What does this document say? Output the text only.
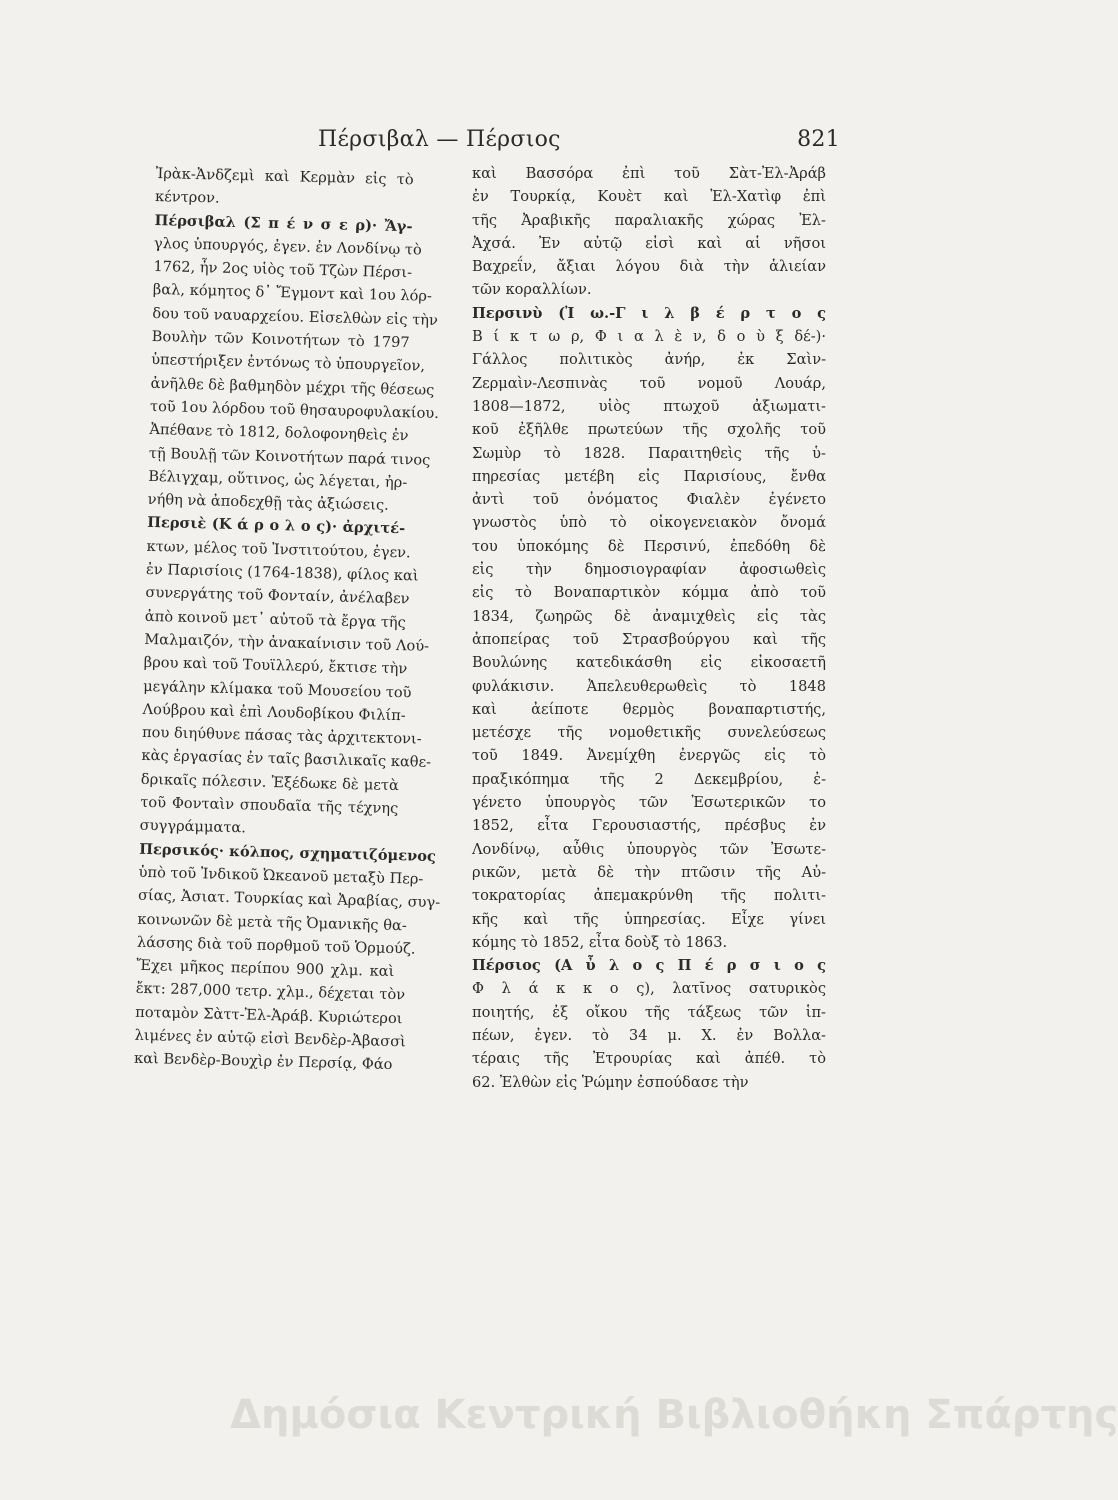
Πέρσιβαλ — Πέρσιος	821
Ἰρὰκ-Ἀνδζεμὶ καὶ Κερμὰν εἰς τὸ
κέντρον.
Πέρσιβαλ (Σ π έ ν σ ε ρ)· Ἄγ-
γλος ὑπουργός, ἐγεν. ἐν Λονδίνῳ τὸ
1762, ἦν 2ος υἱὸς τοῦ Τζὼν Πέρσι-
βαλ, κόμητος δ᾽ Ἔγμοντ καὶ 1ου λόρ-
δου τοῦ ναυαρχείου. Εἰσελθὼν εἰς τὴν
Βουλὴν τῶν Κοινοτήτων τὸ 1797
ὑπεστήριξεν ἐντόνως τὸ ὑπουργεῖον,
ἀνῆλθε δὲ βαθμηδὸν μέχρι τῆς θέσεως
τοῦ 1ου λόρδου τοῦ θησαυροφυλακίου.
Ἀπέθανε τὸ 1812, δολοφονηθεὶς ἐν
τῇ Βουλῇ τῶν Κοινοτήτων παρά τινος
Βέλιγχαμ, οὕτινος, ὡς λέγεται, ἠρ-
νήθη νὰ ἀποδεχθῇ τὰς ἀξιώσεις.
Περσιὲ (Κ ά ρ ο λ ο ς)· ἀρχιτέ-
κτων, μέλος τοῦ Ἰνστιτούτου, ἐγεν.
ἐν Παρισίοις (1764-1838), φίλος καὶ
συνεργάτης τοῦ Φονταίν, ἀνέλαβεν
ἀπὸ κοινοῦ μετ᾽ αὐτοῦ τὰ ἔργα τῆς
Μαλμαιζόν, τὴν ἀνακαίνισιν τοῦ Λού-
βρου καὶ τοῦ Τουϊλλερύ, ἔκτισε τὴν
μεγάλην κλίμακα τοῦ Μουσείου τοῦ
Λούβρου καὶ ἐπὶ Λουδοβίκου Φιλίπ-
που διηύθυνε πάσας τὰς ἀρχιτεκτονι-
κὰς ἐργασίας ἐν ταῖς βασιλικαῖς καθε-
δρικαῖς πόλεσιν. Ἐξέδωκε δὲ μετὰ
τοῦ Φονταὶν σπουδαῖα τῆς τέχνης
συγγράμματα.
Περσικός· κόλπος, σχηματιζόμενος
ὑπὸ τοῦ Ἰνδικοῦ Ὠκεανοῦ μεταξὺ Περ-
σίας, Ἀσιατ. Τουρκίας καὶ Ἀραβίας, συγ-
κοινωνῶν δὲ μετὰ τῆς Ὀμανικῆς θα-
λάσσης διὰ τοῦ πορθμοῦ τοῦ Ὁρμούζ.
Ἔχει μῆκος περίπου 900 χλμ. καὶ
ἔκτ: 287,000 τετρ. χλμ., δέχεται τὸν
ποταμὸν Σὰττ-Ἐλ-Ἀράβ. Κυριώτεροι
λιμένες ἐν αὐτῷ εἰσὶ Βενδὲρ-Ἀβασσὶ
καὶ Βενδὲρ-Βουχὶρ ἐν Περσίᾳ, Φάο
καὶ Βασσόρα ἐπὶ τοῦ Σὰτ-Ἐλ-Ἀράβ
ἐν Τουρκίᾳ, Κουὲτ καὶ Ἐλ-Χατὶφ ἐπὶ
τῆς Ἀραβικῆς παραλιακῆς χώρας Ἐλ-
Ἀχσά. Ἐν αὐτῷ εἰσὶ καὶ αἱ νῆσοι
Βαχρεΐν, ἄξιαι λόγου διὰ τὴν ἁλιείαν
τῶν κοραλλίων.
Περσινὺ (Ἰ ω.-Γ ι λ β έ ρ τ ο ς
Β ί κ τ ω ρ, Φ ι α λ ὲ ν, δ ο ὺ ξ δέ-)·
Γάλλος πολιτικὸς ἀνήρ, ἐκ Σαὶν-
Ζερμαὶν-Λεσπινὰς τοῦ νομοῦ Λουάρ,
1808—1872, υἱὸς πτωχοῦ ἀξιωματι-
κοῦ ἐξῆλθε πρωτεύων τῆς σχολῆς τοῦ
Σωμὺρ τὸ 1828. Παραιτηθεὶς τῆς ὑ-
πηρεσίας μετέβη εἰς Παρισίους, ἔνθα
ἀντὶ τοῦ ὀνόματος Φιαλὲν ἐγένετο
γνωστὸς ὑπὸ τὸ οἰκογενειακὸν ὄνομά
του ὑποκόμης δὲ Περσινύ, ἐπεδόθη δὲ
εἰς τὴν δημοσιογραφίαν ἀφοσιωθεὶς
εἰς τὸ Βοναπαρτικὸν κόμμα ἀπὸ τοῦ
1834, ζωηρῶς δὲ ἀναμιχθεὶς εἰς τὰς
ἀποπείρας τοῦ Στρασβούργου καὶ τῆς
Βουλώνης κατεδικάσθη εἰς εἰκοσαετῆ
φυλάκισιν. Ἀπελευθερωθεὶς τὸ 1848
καὶ ἀείποτε θερμὸς βοναπαρτιστής,
μετέσχε τῆς νομοθετικῆς συνελεύσεως
τοῦ 1849. Ἀνεμίχθη ἐνεργῶς εἰς τὸ
πραξικόπημα τῆς 2 Δεκεμβρίου, ἐ-
γένετο ὑπουργὸς τῶν Ἐσωτερικῶν το
1852, εἶτα Γερουσιαστής, πρέσβυς ἐν
Λονδίνῳ, αὖθις ὑπουργὸς τῶν Ἐσωτε-
ρικῶν, μετὰ δὲ τὴν πτῶσιν τῆς Αὐ-
τοκρατορίας ἀπεμακρύνθη τῆς πολιτι-
κῆς καὶ τῆς ὑπηρεσίας. Εἶχε γίνει
κόμης τὸ 1852, εἶτα δοὺξ τὸ 1863.
Πέρσιος (Α ὖ λ ο ς Π έ ρ σ ι ο ς
Φ λ ά κ κ ο ς), λατῖνος σατυρικὸς
ποιητής, ἐξ οἴκου τῆς τάξεως τῶν ἱπ-
πέων, ἐγεν. τὸ 34 μ. Χ. ἐν Βολλα-
τέραις τῆς Ἐτρουρίας καὶ ἀπέθ. τὸ
62. Ἐλθὼν εἰς Ῥώμην ἐσπούδασε τὴν
Δημόσια Κεντρική Βιβλιοθήκη Σπάρτης
